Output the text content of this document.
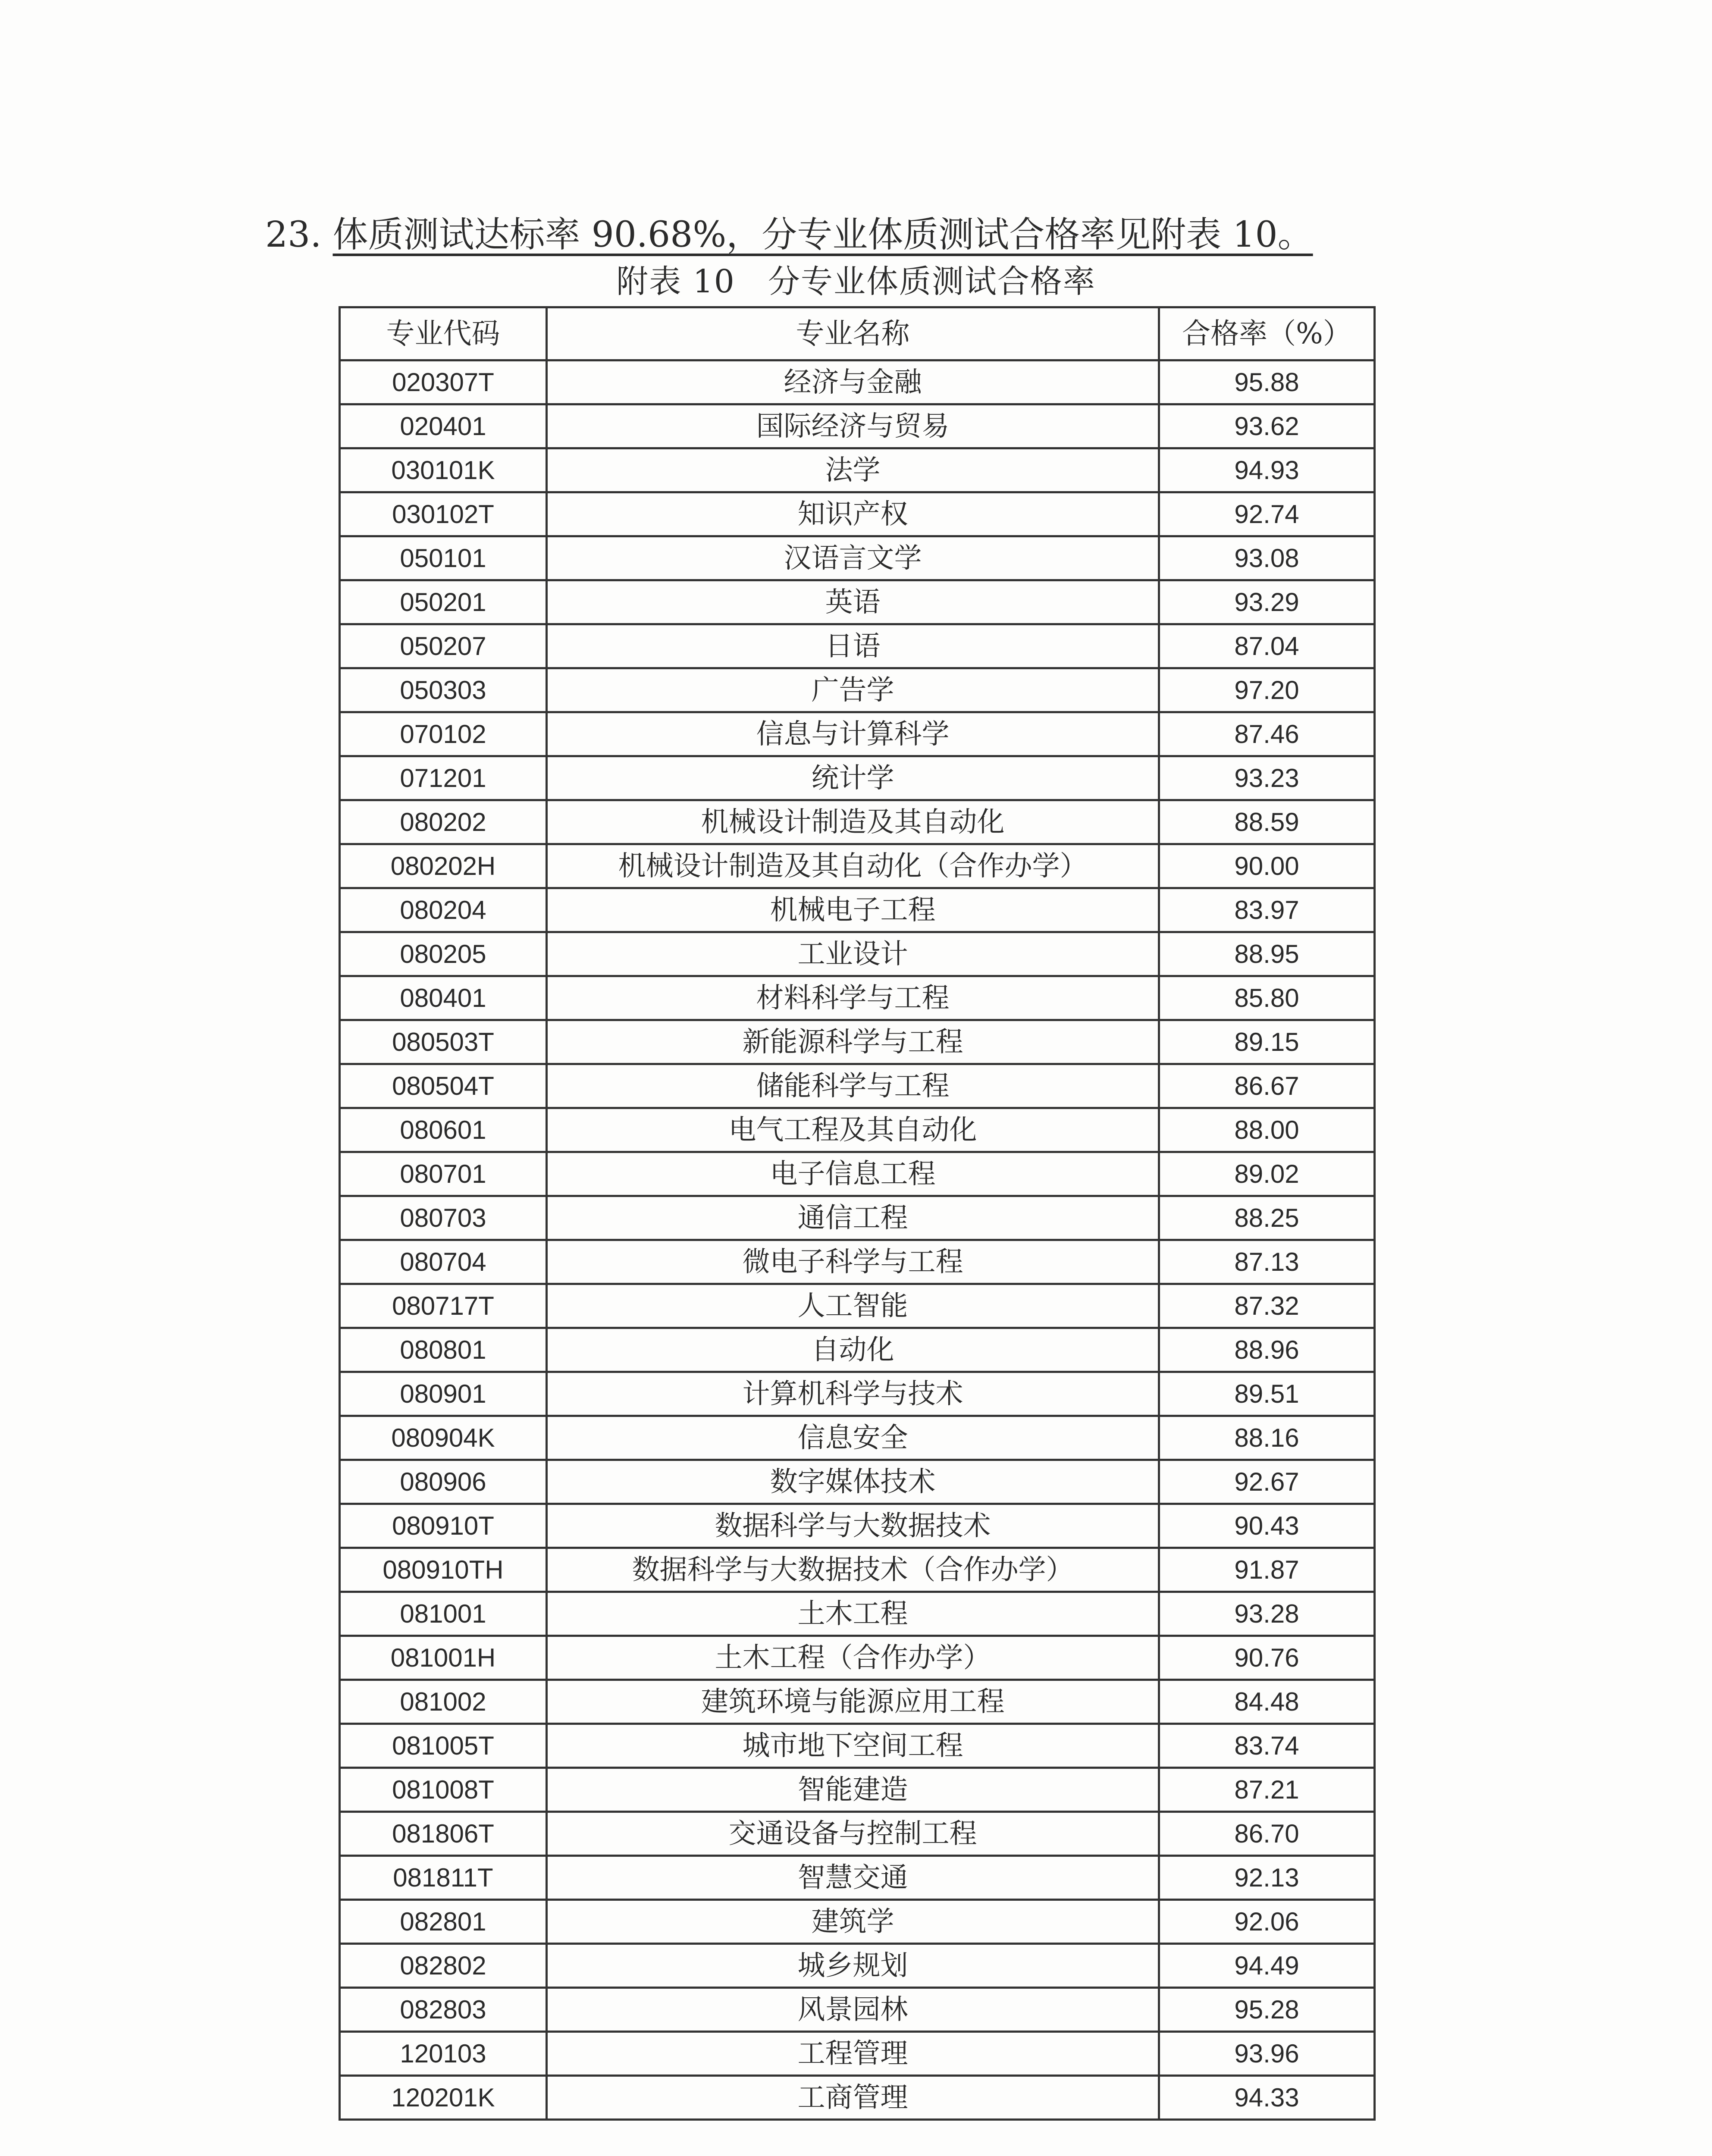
23. 体质测试达标率 90.68%，分专业体质测试合格率见附表 10。
附表 10　分专业体质测试合格率
专业代码	专业名称	合格率（%）
020307T	经济与金融	95.88
020401	国际经济与贸易	93.62
030101K	法学	94.93
030102T	知识产权	92.74
050101	汉语言文学	93.08
050201	英语	93.29
050207	日语	87.04
050303	广告学	97.20
070102	信息与计算科学	87.46
071201	统计学	93.23
080202	机械设计制造及其自动化	88.59
080202H	机械设计制造及其自动化（合作办学）	90.00
080204	机械电子工程	83.97
080205	工业设计	88.95
080401	材料科学与工程	85.80
080503T	新能源科学与工程	89.15
080504T	储能科学与工程	86.67
080601	电气工程及其自动化	88.00
080701	电子信息工程	89.02
080703	通信工程	88.25
080704	微电子科学与工程	87.13
080717T	人工智能	87.32
080801	自动化	88.96
080901	计算机科学与技术	89.51
080904K	信息安全	88.16
080906	数字媒体技术	92.67
080910T	数据科学与大数据技术	90.43
080910TH	数据科学与大数据技术（合作办学）	91.87
081001	土木工程	93.28
081001H	土木工程（合作办学）	90.76
081002	建筑环境与能源应用工程	84.48
081005T	城市地下空间工程	83.74
081008T	智能建造	87.21
081806T	交通设备与控制工程	86.70
081811T	智慧交通	92.13
082801	建筑学	92.06
082802	城乡规划	94.49
082803	风景园林	95.28
120103	工程管理	93.96
120201K	工商管理	94.33
